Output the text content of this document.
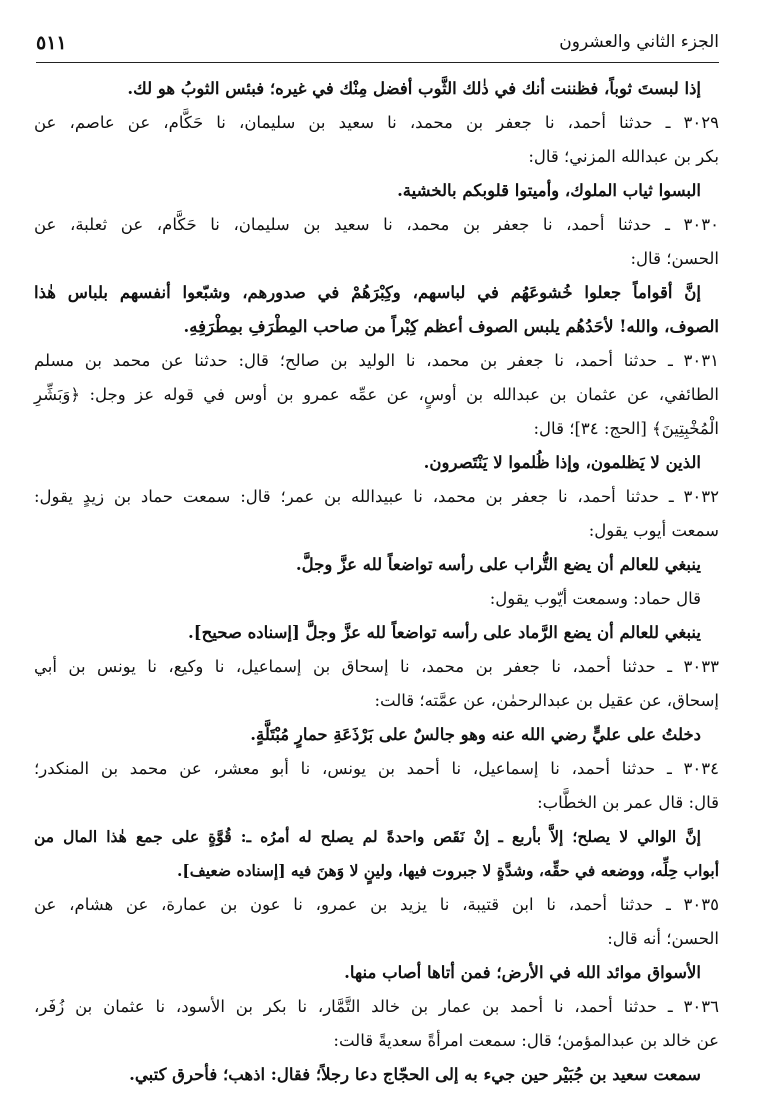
٥١١	الجزء الثاني والعشرون
إذا لبستَ ثوباً، فظننت أنك في ذٰلك الثَّوب أفضل مِنْك في غيره؛ فبئس الثوبُ هو لك.
٣٠٢٩ ـ حدثنا أحمد، نا جعفر بن محمد، نا سعيد بن سليمان، نا حَكَّام، عن عاصم، عن
بكر بن عبدالله المزني؛ قال:
البسوا ثياب الملوك، وأميتوا قلوبكم بالخشية.
٣٠٣٠ ـ حدثنا أحمد، نا جعفر بن محمد، نا سعيد بن سليمان، نا حَكَّام، عن ثعلبة، عن
الحسن؛ قال:
إنَّ أقواماً جعلوا خُشوعَهُم في لباسهم، وكِبْرَهُمْ في صدورهم، وشبّعوا أنفسهم بلباس هٰذا
الصوف، والله! لأحَدُهُم يلبس الصوف أعظم كِبْراً من صاحب المِطْرَفِ بمِطْرَفِهِ.
٣٠٣١ ـ حدثنا أحمد، نا جعفر بن محمد، نا الوليد بن صالح؛ قال: حدثنا عن محمد بن مسلم
الطائفي، عن عثمان بن عبدالله بن أوسٍ، عن عمِّه عمرو بن أوس في قوله عز وجل: ﴿وَبَشِّرِ
الْمُخْبِتِينَ﴾ [الحج: ٣٤]؛ قال:
الذين لا يَظلمون، وإذا ظُلموا لا يَنْتَصرون.
٣٠٣٢ ـ حدثنا أحمد، نا جعفر بن محمد، نا عبيدالله بن عمر؛ قال: سمعت حماد بن زيدٍ يقول:
سمعت أيوب يقول:
ينبغي للعالم أن يضع التُّراب على رأسه تواضعاً لله عزَّ وجلَّ.
قال حماد: وسمعت أيّوب يقول:
ينبغي للعالم أن يضع الرَّماد على رأسه تواضعاً لله عزَّ وجلَّ [إسناده صحيح].
٣٠٣٣ ـ حدثنا أحمد، نا جعفر بن محمد، نا إسحاق بن إسماعيل، نا وكيع، نا يونس بن أبي
إسحاق، عن عقيل بن عبدالرحمٰن، عن عمَّته؛ قالت:
دخلتُ على عليٍّ رضي الله عنه وهو جالسٌ على بَرْذَعَةِ حمارٍ مُبْتَلَّةٍ.
٣٠٣٤ ـ حدثنا أحمد، نا إسماعيل، نا أحمد بن يونس، نا أبو معشر، عن محمد بن المنكدر؛
قال: قال عمر بن الخطَّاب:
إنَّ الوالي لا يصلح؛ إلاَّ بأربع ـ إنْ نَقَص واحدةً لم يصلح له أمرُه ـ: قُوَّةٍ على جمع هٰذا المال من
أبواب حِلِّه، ووضعه في حقِّه، وشدَّةٍ لا جبروت فيها، ولينٍ لا وَهنَ فيه [إسناده ضعيف].
٣٠٣٥ ـ حدثنا أحمد، نا ابن قتيبة، نا يزيد بن عمرو، نا عون بن عمارة، عن هشام، عن
الحسن؛ أنه قال:
الأسواق موائد الله في الأرض؛ فمن أتاها أصاب منها.
٣٠٣٦ ـ حدثنا أحمد، نا أحمد بن عمار بن خالد التَّمَّار، نا بكر بن الأسود، نا عثمان بن زُفَر،
عن خالد بن عبدالمؤمن؛ قال: سمعت امرأةً سعديةً قالت:
سمعت سعيد بن جُبَيْر حين جيء به إلى الحجّاج دعا رجلاً؛ فقال: اذهب؛ فأحرق كتبي.
